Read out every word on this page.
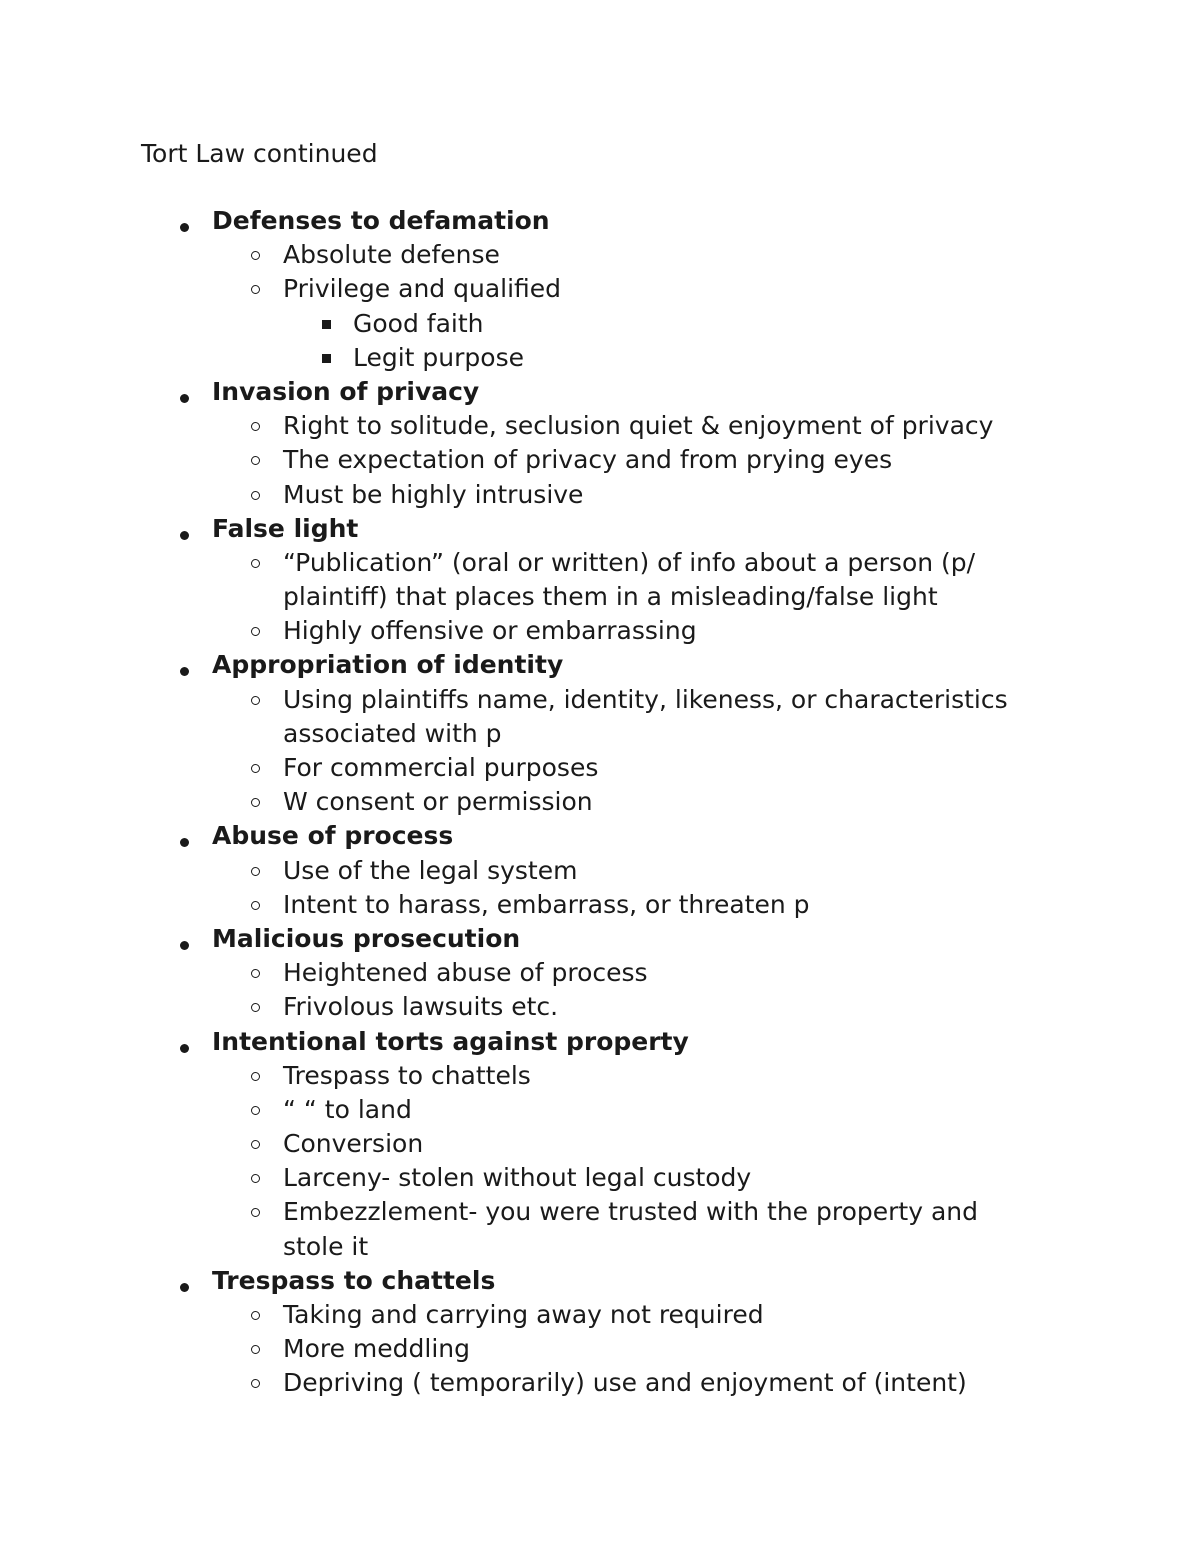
Tort Law continued
Defenses to defamation
Absolute defense
Privilege and qualified
Good faith
Legit purpose
Invasion of privacy
Right to solitude, seclusion quiet & enjoyment of privacy
The expectation of privacy and from prying eyes
Must be highly intrusive
False light
“Publication” (oral or written) of info about a person (p/
plaintiff) that places them in a misleading/false light
Highly offensive or embarrassing
Appropriation of identity
Using plaintiffs name, identity, likeness, or characteristics
associated with p
For commercial purposes
W consent or permission
Abuse of process
Use of the legal system
Intent to harass, embarrass, or threaten p
Malicious prosecution
Heightened abuse of process
Frivolous lawsuits etc.
Intentional torts against property
Trespass to chattels
“ “ to land
Conversion
Larceny- stolen without legal custody
Embezzlement- you were trusted with the property and
stole it
Trespass to chattels
Taking and carrying away not required
More meddling
Depriving ( temporarily) use and enjoyment of (intent)
